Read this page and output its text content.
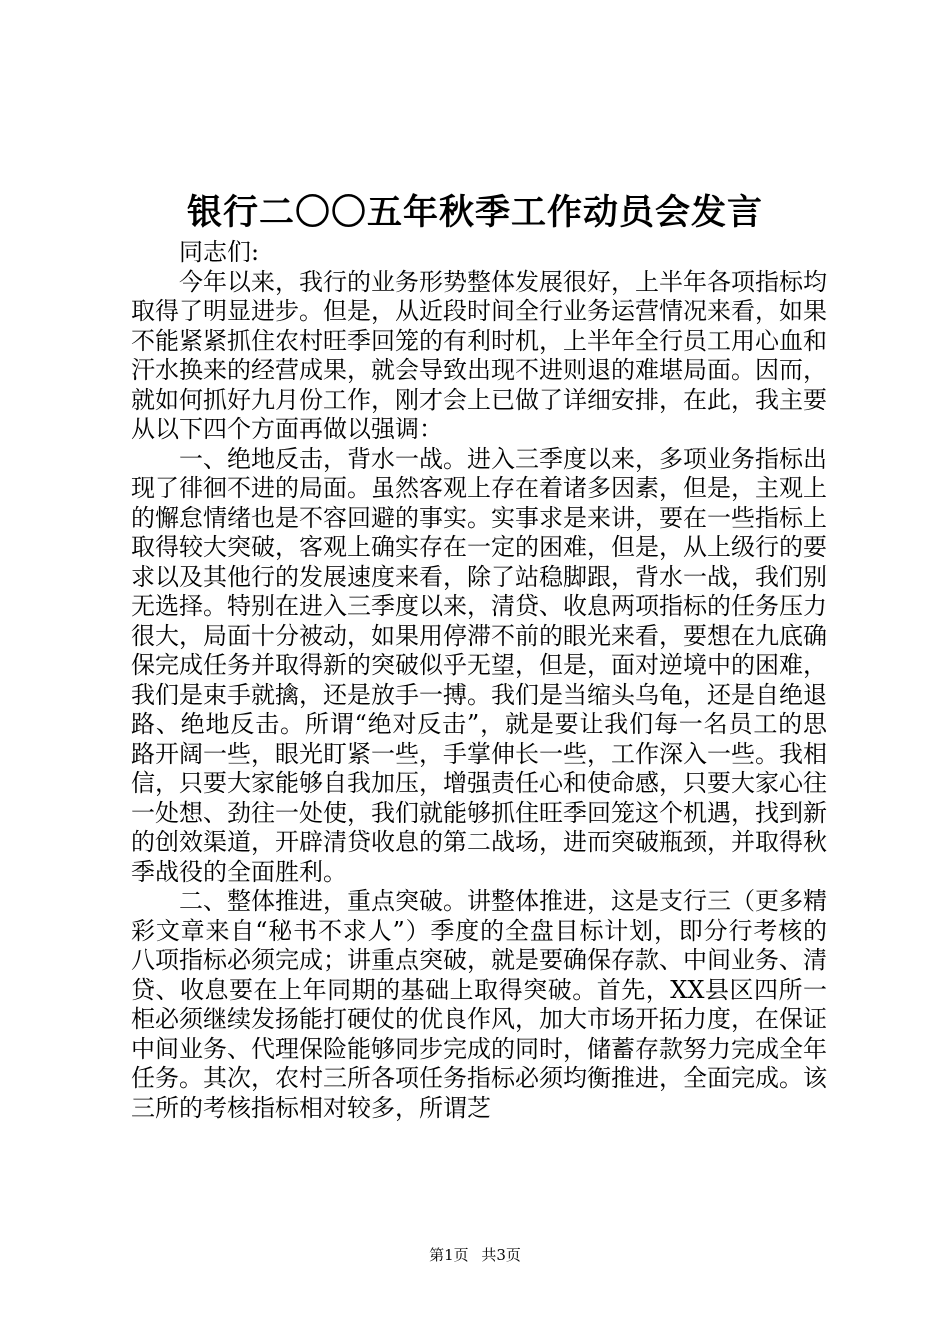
银行二〇〇五年秋季工作动员会发言

同志们:

今年以来，我行的业务形势整体发展很好，上半年各项指标均取得了明显进步。但是，从近段时间全行业务运营情况来看，如果不能紧紧抓住农村旺季回笼的有利时机，上半年全行员工用心血和汗水换来的经营成果，就会导致出现不进则退的难堪局面。因而，就如何抓好九月份工作，刚才会上已做了详细安排，在此，我主要从以下四个方面再做以强调：

一、绝地反击，背水一战。进入三季度以来，多项业务指标出现了徘徊不进的局面。虽然客观上存在着诸多因素，但是，主观上的懈怠情绪也是不容回避的事实。实事求是来讲，要在一些指标上取得较大突破，客观上确实存在一定的困难，但是，从上级行的要求以及其他行的发展速度来看，除了站稳脚跟，背水一战，我们别无选择。特别在进入三季度以来，清贷、收息两项指标的任务压力很大，局面十分被动，如果用停滞不前的眼光来看，要想在九底确保完成任务并取得新的突破似乎无望，但是，面对逆境中的困难，我们是束手就擒，还是放手一搏。我们是当缩头乌龟，还是自绝退路、绝地反击。所谓“绝对反击”，就是要让我们每一名员工的思路开阔一些，眼光盯紧一些，手掌伸长一些，工作深入一些。我相信，只要大家能够自我加压，增强责任心和使命感，只要大家心往一处想、劲往一处使，我们就能够抓住旺季回笼这个机遇，找到新的创效渠道，开辟清贷收息的第二战场，进而突破瓶颈，并取得秋季战役的全面胜利。

二、整体推进，重点突破。讲整体推进，这是支行三（更多精彩文章来自“秘书不求人”）季度的全盘目标计划，即分行考核的八项指标必须完成；讲重点突破，就是要确保存款、中间业务、清贷、收息要在上年同期的基础上取得突破。首先，XX县区四所一柜必须继续发扬能打硬仗的优良作风，加大市场开拓力度，在保证中间业务、代理保险能够同步完成的同时，储蓄存款努力完成全年任务。其次，农村三所各项任务指标必须均衡推进，全面完成。该三所的考核指标相对较多，所谓芝

第1页 共3页
